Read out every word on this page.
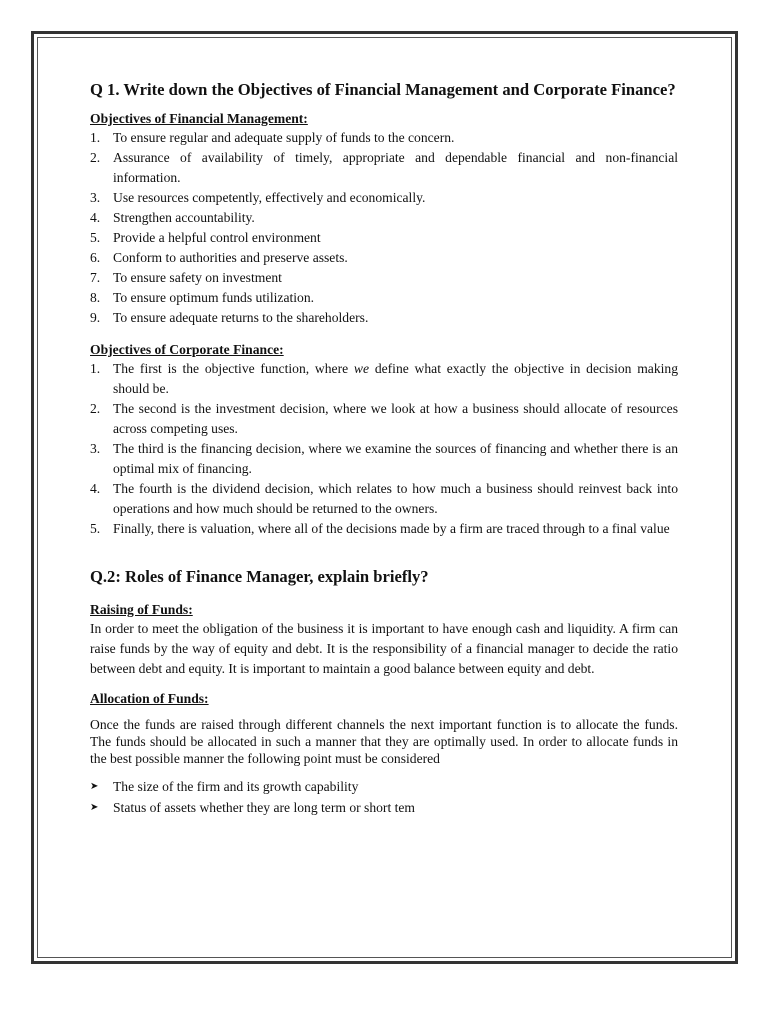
Q 1. Write down the Objectives of Financial Management and Corporate Finance?
Objectives of Financial Management:
1. To ensure regular and adequate supply of funds to the concern.
2. Assurance of availability of timely, appropriate and dependable financial and non-financial information.
3. Use resources competently, effectively and economically.
4. Strengthen accountability.
5. Provide a helpful control environment
6. Conform to authorities and preserve assets.
7. To ensure safety on investment
8. To ensure optimum funds utilization.
9. To ensure adequate returns to the shareholders.
Objectives of Corporate Finance:
1. The first is the objective function, where we define what exactly the objective in decision making should be.
2. The second is the investment decision, where we look at how a business should allocate of resources across competing uses.
3. The third is the financing decision, where we examine the sources of financing and whether there is an optimal mix of financing.
4. The fourth is the dividend decision, which relates to how much a business should reinvest back into operations and how much should be returned to the owners.
5. Finally, there is valuation, where all of the decisions made by a firm are traced through to a final value
Q.2: Roles of Finance Manager, explain briefly?
Raising of Funds:

In order to meet the obligation of the business it is important to have enough cash and liquidity. A firm can raise funds by the way of equity and debt. It is the responsibility of a financial manager to decide the ratio between debt and equity. It is important to maintain a good balance between equity and debt.

Allocation of Funds:

Once the funds are raised through different channels the next important function is to allocate the funds. The funds should be allocated in such a manner that they are optimally used. In order to allocate funds in the best possible manner the following point must be considered

➤	The size of the firm and its growth capability
➤	Status of assets whether they are long term or short tem
